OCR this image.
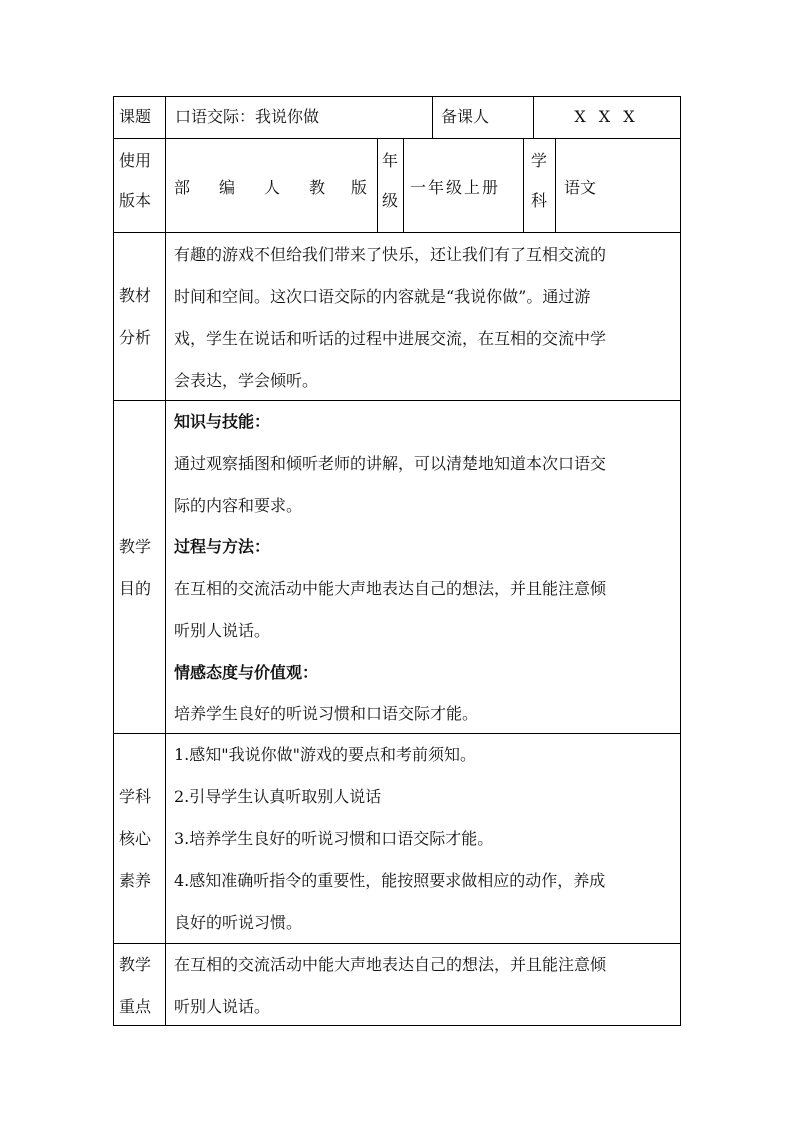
课题 口语交际：我说你做	备课人	X X X
使用
版本
部 编 人 教 版
年
级
一年级上册
学
科
语文
教材
分析
有趣的游戏不但给我们带来了快乐，还让我们有了互相交流的
时间和空间。这次口语交际的内容就是“我说你做”。通过游
戏，学生在说话和听话的过程中进展交流，在互相的交流中学
会表达，学会倾听。
教学
目的
知识与技能：
通过观察插图和倾听老师的讲解，可以清楚地知道本次口语交
际的内容和要求。
过程与方法：
在互相的交流活动中能大声地表达自己的想法，并且能注意倾
听别人说话。
情感态度与价值观：
培养学生良好的听说习惯和口语交际才能。
学科
核心
素养
1.感知"我说你做"游戏的要点和考前须知。
2.引导学生认真听取别人说话
3.培养学生良好的听说习惯和口语交际才能。
4.感知准确听指令的重要性，能按照要求做相应的动作，养成
良好的听说习惯。
教学
重点
在互相的交流活动中能大声地表达自己的想法，并且能注意倾
听别人说话。
